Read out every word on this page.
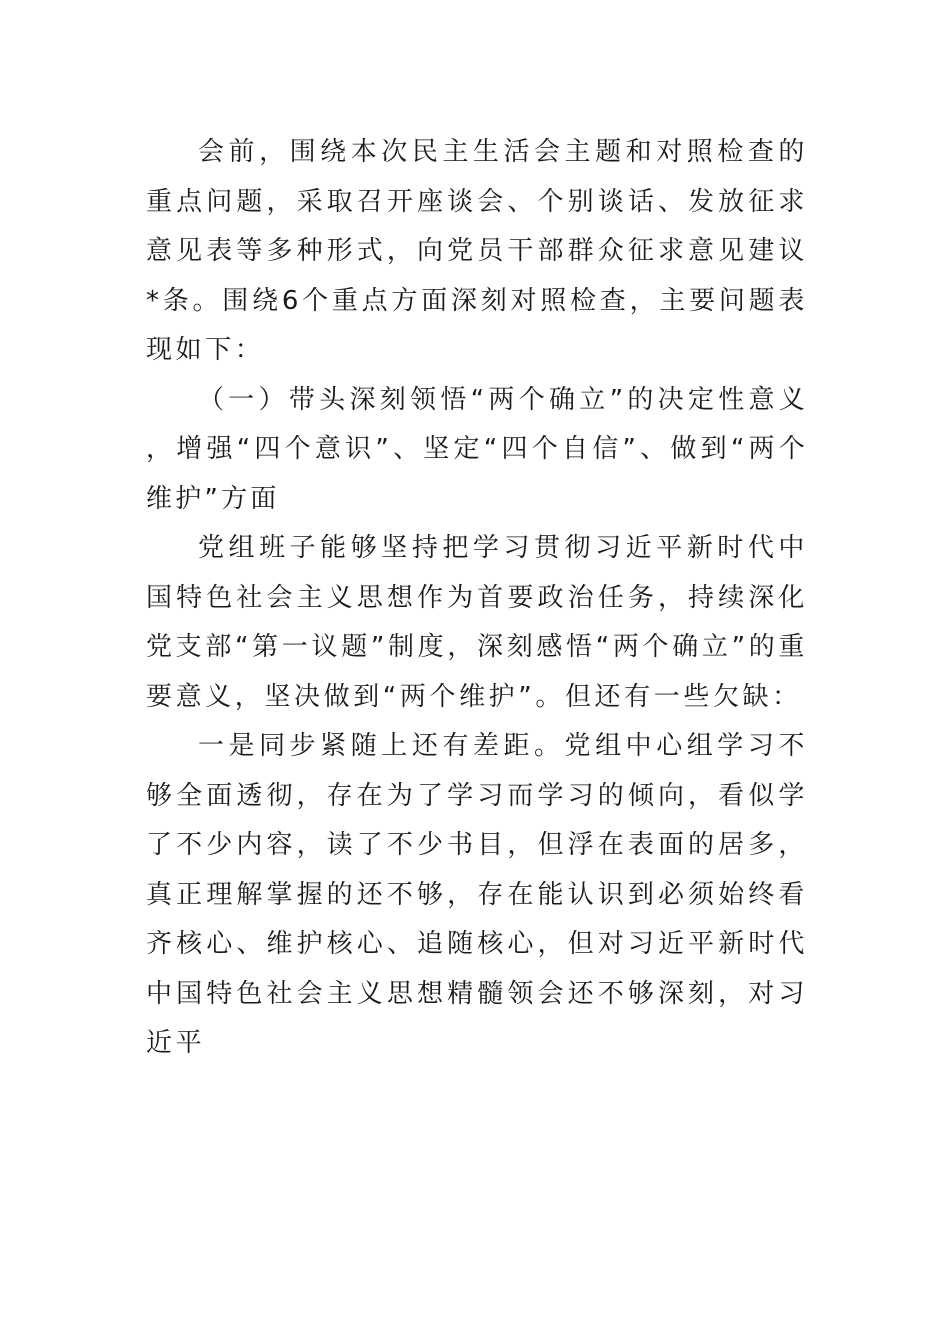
会前，围绕本次民主生活会主题和对照检查的重点问题，采取召开座谈会、个别谈话、发放征求意见表等多种形式，向党员干部群众征求意见建议*条。围绕6个重点方面深刻对照检查，主要问题表现如下：

（一）带头深刻领悟“两个确立”的决定性意义，增强“四个意识”、坚定“四个自信”、做到“两个维护”方面

党组班子能够坚持把学习贯彻习近平新时代中国特色社会主义思想作为首要政治任务，持续深化党支部“第一议题”制度，深刻感悟“两个确立”的重要意义，坚决做到“两个维护”。但还有一些欠缺：

一是同步紧随上还有差距。党组中心组学习不够全面透彻，存在为了学习而学习的倾向，看似学了不少内容，读了不少书目，但浮在表面的居多，真正理解掌握的还不够，存在能认识到必须始终看齐核心、维护核心、追随核心，但对习近平新时代中国特色社会主义思想精髓领会还不够深刻，对习近平
